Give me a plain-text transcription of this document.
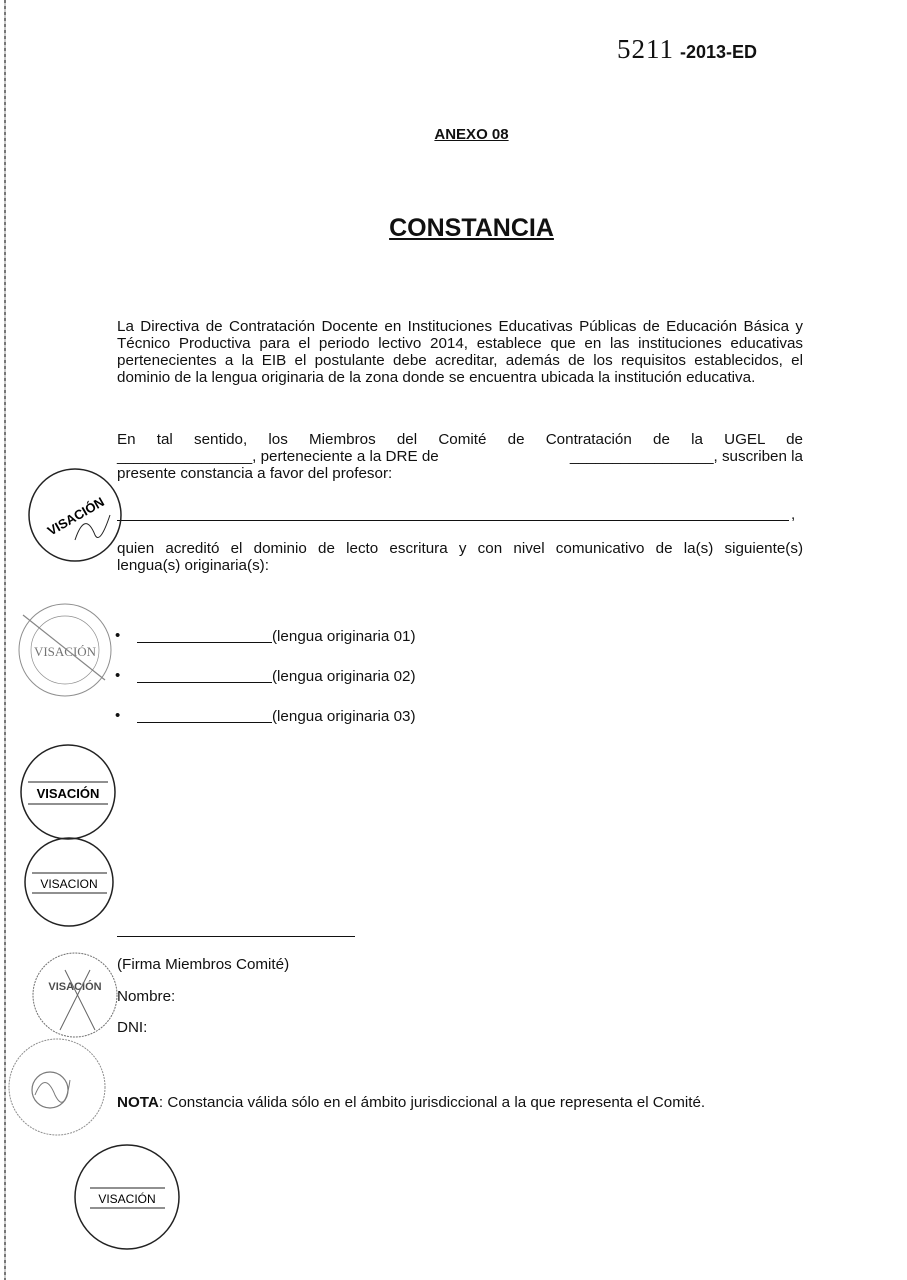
5211 -2013-ED
ANEXO 08
CONSTANCIA
La Directiva de Contratación Docente en Instituciones Educativas Públicas de Educación Básica y Técnico Productiva para el periodo lectivo 2014, establece que en las instituciones educativas pertenecientes a la EIB el postulante debe acreditar, además de los requisitos establecidos, el dominio de la lengua originaria de la zona donde se encuentra ubicada la institución educativa.
En tal sentido, los Miembros del Comité de Contratación de la UGEL de
________________, perteneciente a la DRE de	_________________, suscriben la
presente constancia a favor del profesor:
,
quien acreditó el dominio de lecto escritura y con nivel comunicativo de la(s) siguiente(s)
lengua(s) originaria(s):
•	(lengua originaria 01)
•	(lengua originaria 02)
•	(lengua originaria 03)
(Firma Miembros Comité)
Nombre:
DNI:
NOTA: Constancia válida sólo en el ámbito jurisdiccional a la que representa el Comité.
VISACIÓN
VISACIÓN
VISACIÓN
VISACION
VISACIÓN
VISACIÓN
